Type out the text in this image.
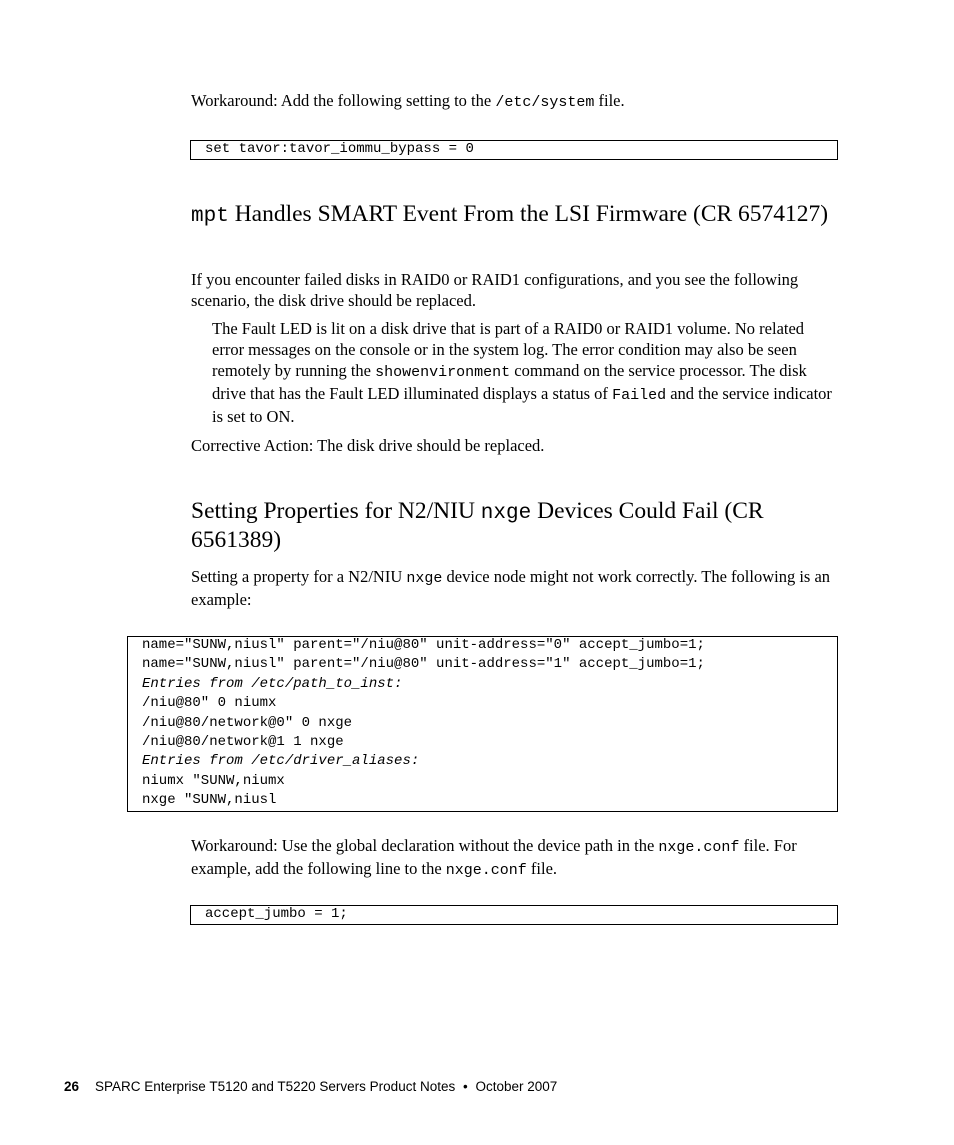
Workaround: Add the following setting to the /etc/system file.
set tavor:tavor_iommu_bypass = 0
mpt Handles SMART Event From the LSI Firmware (CR 6574127)
If you encounter failed disks in RAID0 or RAID1 configurations, and you see the following scenario, the disk drive should be replaced.
The Fault LED is lit on a disk drive that is part of a RAID0 or RAID1 volume. No related error messages on the console or in the system log. The error condition may also be seen remotely by running the showenvironment command on the service processor. The disk drive that has the Fault LED illuminated displays a status of Failed and the service indicator is set to ON.
Corrective Action: The disk drive should be replaced.
Setting Properties for N2/NIU nxge Devices Could Fail (CR 6561389)
Setting a property for a N2/NIU nxge device node might not work correctly. The following is an example:
name="SUNW,niusl" parent="/niu@80" unit-address="0" accept_jumbo=1;
name="SUNW,niusl" parent="/niu@80" unit-address="1" accept_jumbo=1;
Entries from /etc/path_to_inst:
/niu@80" 0 niumx
/niu@80/network@0" 0 nxge
/niu@80/network@1 1 nxge
Entries from /etc/driver_aliases:
niumx "SUNW,niumx
nxge "SUNW,niusl
Workaround: Use the global declaration without the device path in the nxge.conf file. For example, add the following line to the nxge.conf file.
accept_jumbo = 1;
26 SPARC Enterprise T5120 and T5220 Servers Product Notes • October 2007
